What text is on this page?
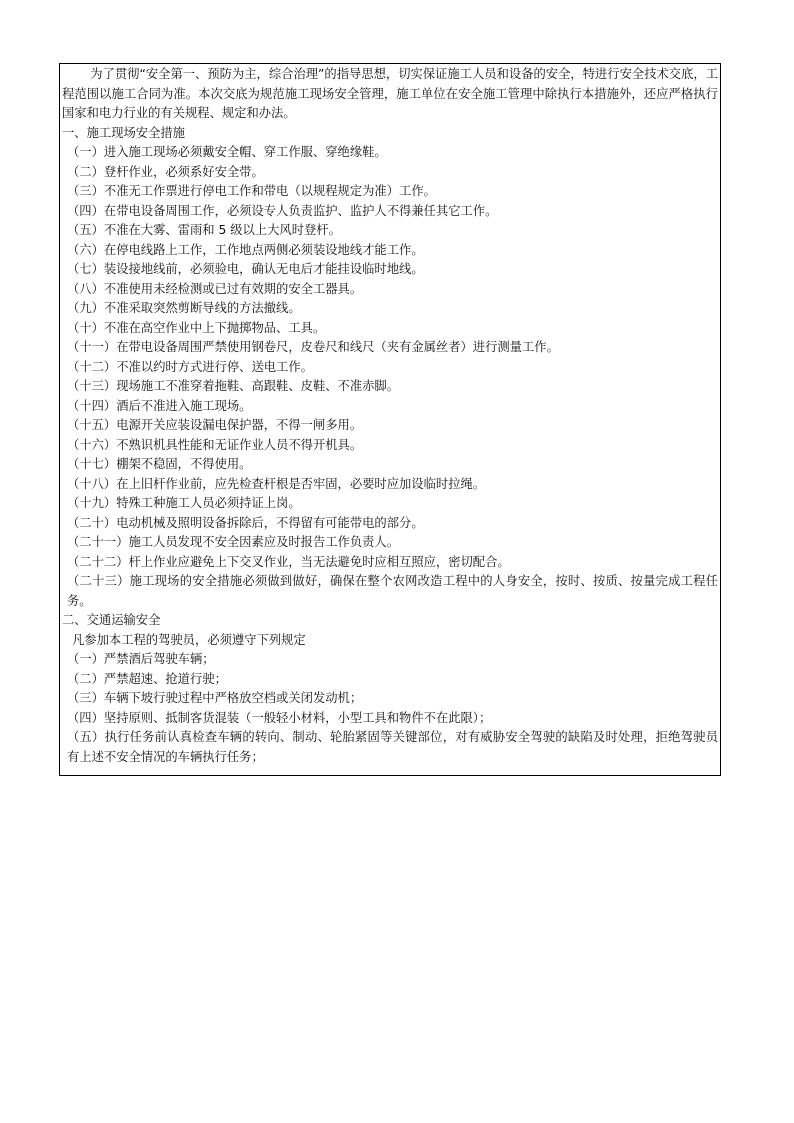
为了贯彻“安全第一、预防为主，综合治理”的指导思想，切实保证施工人员和设备的安全，特进行安全技术交底，工程范围以施工合同为准。本次交底为规范施工现场安全管理，施工单位在安全施工管理中除执行本措施外，还应严格执行国家和电力行业的有关规程、规定和办法。

一、施工现场安全措施

（一）进入施工现场必须戴安全帽、穿工作服、穿绝缘鞋。

（二）登杆作业，必须系好安全带。

（三）不准无工作票进行停电工作和带电（以规程规定为准）工作。

（四）在带电设备周围工作，必须设专人负责监护、监护人不得兼任其它工作。

（五）不准在大雾、雷雨和 5 级以上大风时登杆。

（六）在停电线路上工作，工作地点两侧必须装设地线才能工作。

（七）装设接地线前，必须验电，确认无电后才能挂设临时地线。

（八）不准使用未经检测或已过有效期的安全工器具。

（九）不准采取突然剪断导线的方法撤线。

（十）不准在高空作业中上下抛掷物品、工具。

（十一）在带电设备周围严禁使用钢卷尺，皮卷尺和线尺（夹有金属丝者）进行测量工作。

（十二）不准以约时方式进行停、送电工作。

（十三）现场施工不准穿着拖鞋、高跟鞋、皮鞋、不准赤脚。

（十四）酒后不准进入施工现场。

（十五）电源开关应装设漏电保护器，不得一闸多用。

（十六）不熟识机具性能和无证作业人员不得开机具。

（十七）棚架不稳固，不得使用。

（十八）在上旧杆作业前，应先检查杆根是否牢固，必要时应加设临时拉绳。

（十九）特殊工种施工人员必须持证上岗。

（二十）电动机械及照明设备拆除后，不得留有可能带电的部分。

（二十一）施工人员发现不安全因素应及时报告工作负责人。

（二十二）杆上作业应避免上下交叉作业，当无法避免时应相互照应，密切配合。

（二十三）施工现场的安全措施必须做到做好，确保在整个农网改造工程中的人身安全，按时、按质、按量完成工程任务。

二、交通运输安全

凡参加本工程的驾驶员，必须遵守下列规定

（一）严禁酒后驾驶车辆；

（二）严禁超速、抢道行驶；

（三）车辆下坡行驶过程中严格放空档或关闭发动机；

（四）坚持原则、抵制客货混装（一般轻小材料，小型工具和物件不在此限）；

（五）执行任务前认真检查车辆的转向、制动、轮胎紧固等关键部位，对有威胁安全驾驶的缺陷及时处理，拒绝驾驶员有上述不安全情况的车辆执行任务；
